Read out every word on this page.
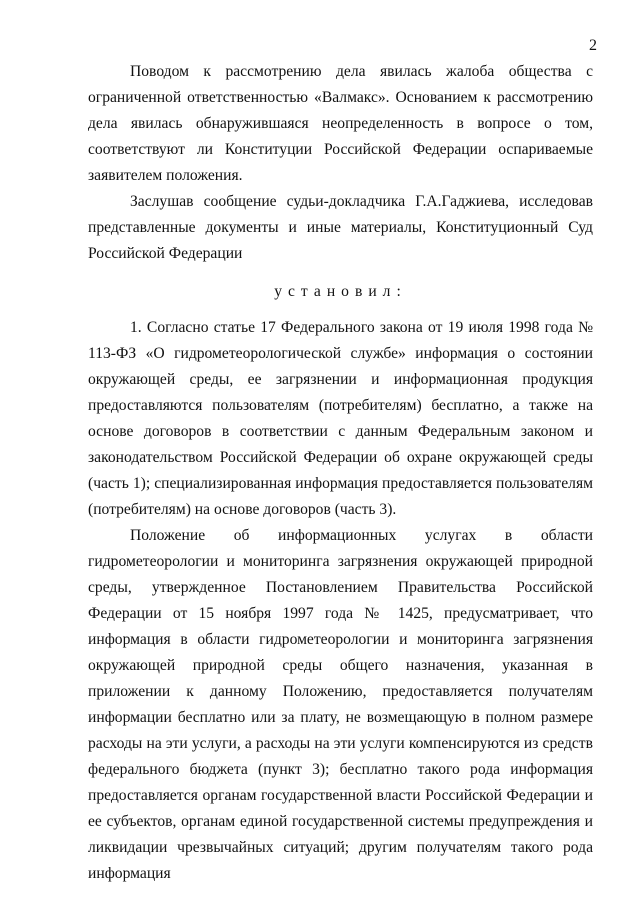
2

Поводом к рассмотрению дела явилась жалоба общества с ограниченной ответственностью «Валмакс». Основанием к рассмотрению дела явилась обнаружившаяся неопределенность в вопросе о том, соответствуют ли Конституции Российской Федерации оспариваемые заявителем положения.

Заслушав сообщение судьи-докладчика Г.А.Гаджиева, исследовав представленные документы и иные материалы, Конституционный Суд Российской Федерации

установил:

1. Согласно статье 17 Федерального закона от 19 июля 1998 года № 113-ФЗ «О гидрометеорологической службе» информация о состоянии окружающей среды, ее загрязнении и информационная продукция предоставляются пользователям (потребителям) бесплатно, а также на основе договоров в соответствии с данным Федеральным законом и законодательством Российской Федерации об охране окружающей среды (часть 1); специализированная информация предоставляется пользователям (потребителям) на основе договоров (часть 3).

Положение об информационных услугах в области гидрометеорологии и мониторинга загрязнения окружающей природной среды, утвержденное Постановлением Правительства Российской Федерации от 15 ноября 1997 года № 1425, предусматривает, что информация в области гидрометеорологии и мониторинга загрязнения окружающей природной среды общего назначения, указанная в приложении к данному Положению, предоставляется получателям информации бесплатно или за плату, не возмещающую в полном размере расходы на эти услуги, а расходы на эти услуги компенсируются из средств федерального бюджета (пункт 3); бесплатно такого рода информация предоставляется органам государственной власти Российской Федерации и ее субъектов, органам единой государственной системы предупреждения и ликвидации чрезвычайных ситуаций; другим получателям такого рода информация
